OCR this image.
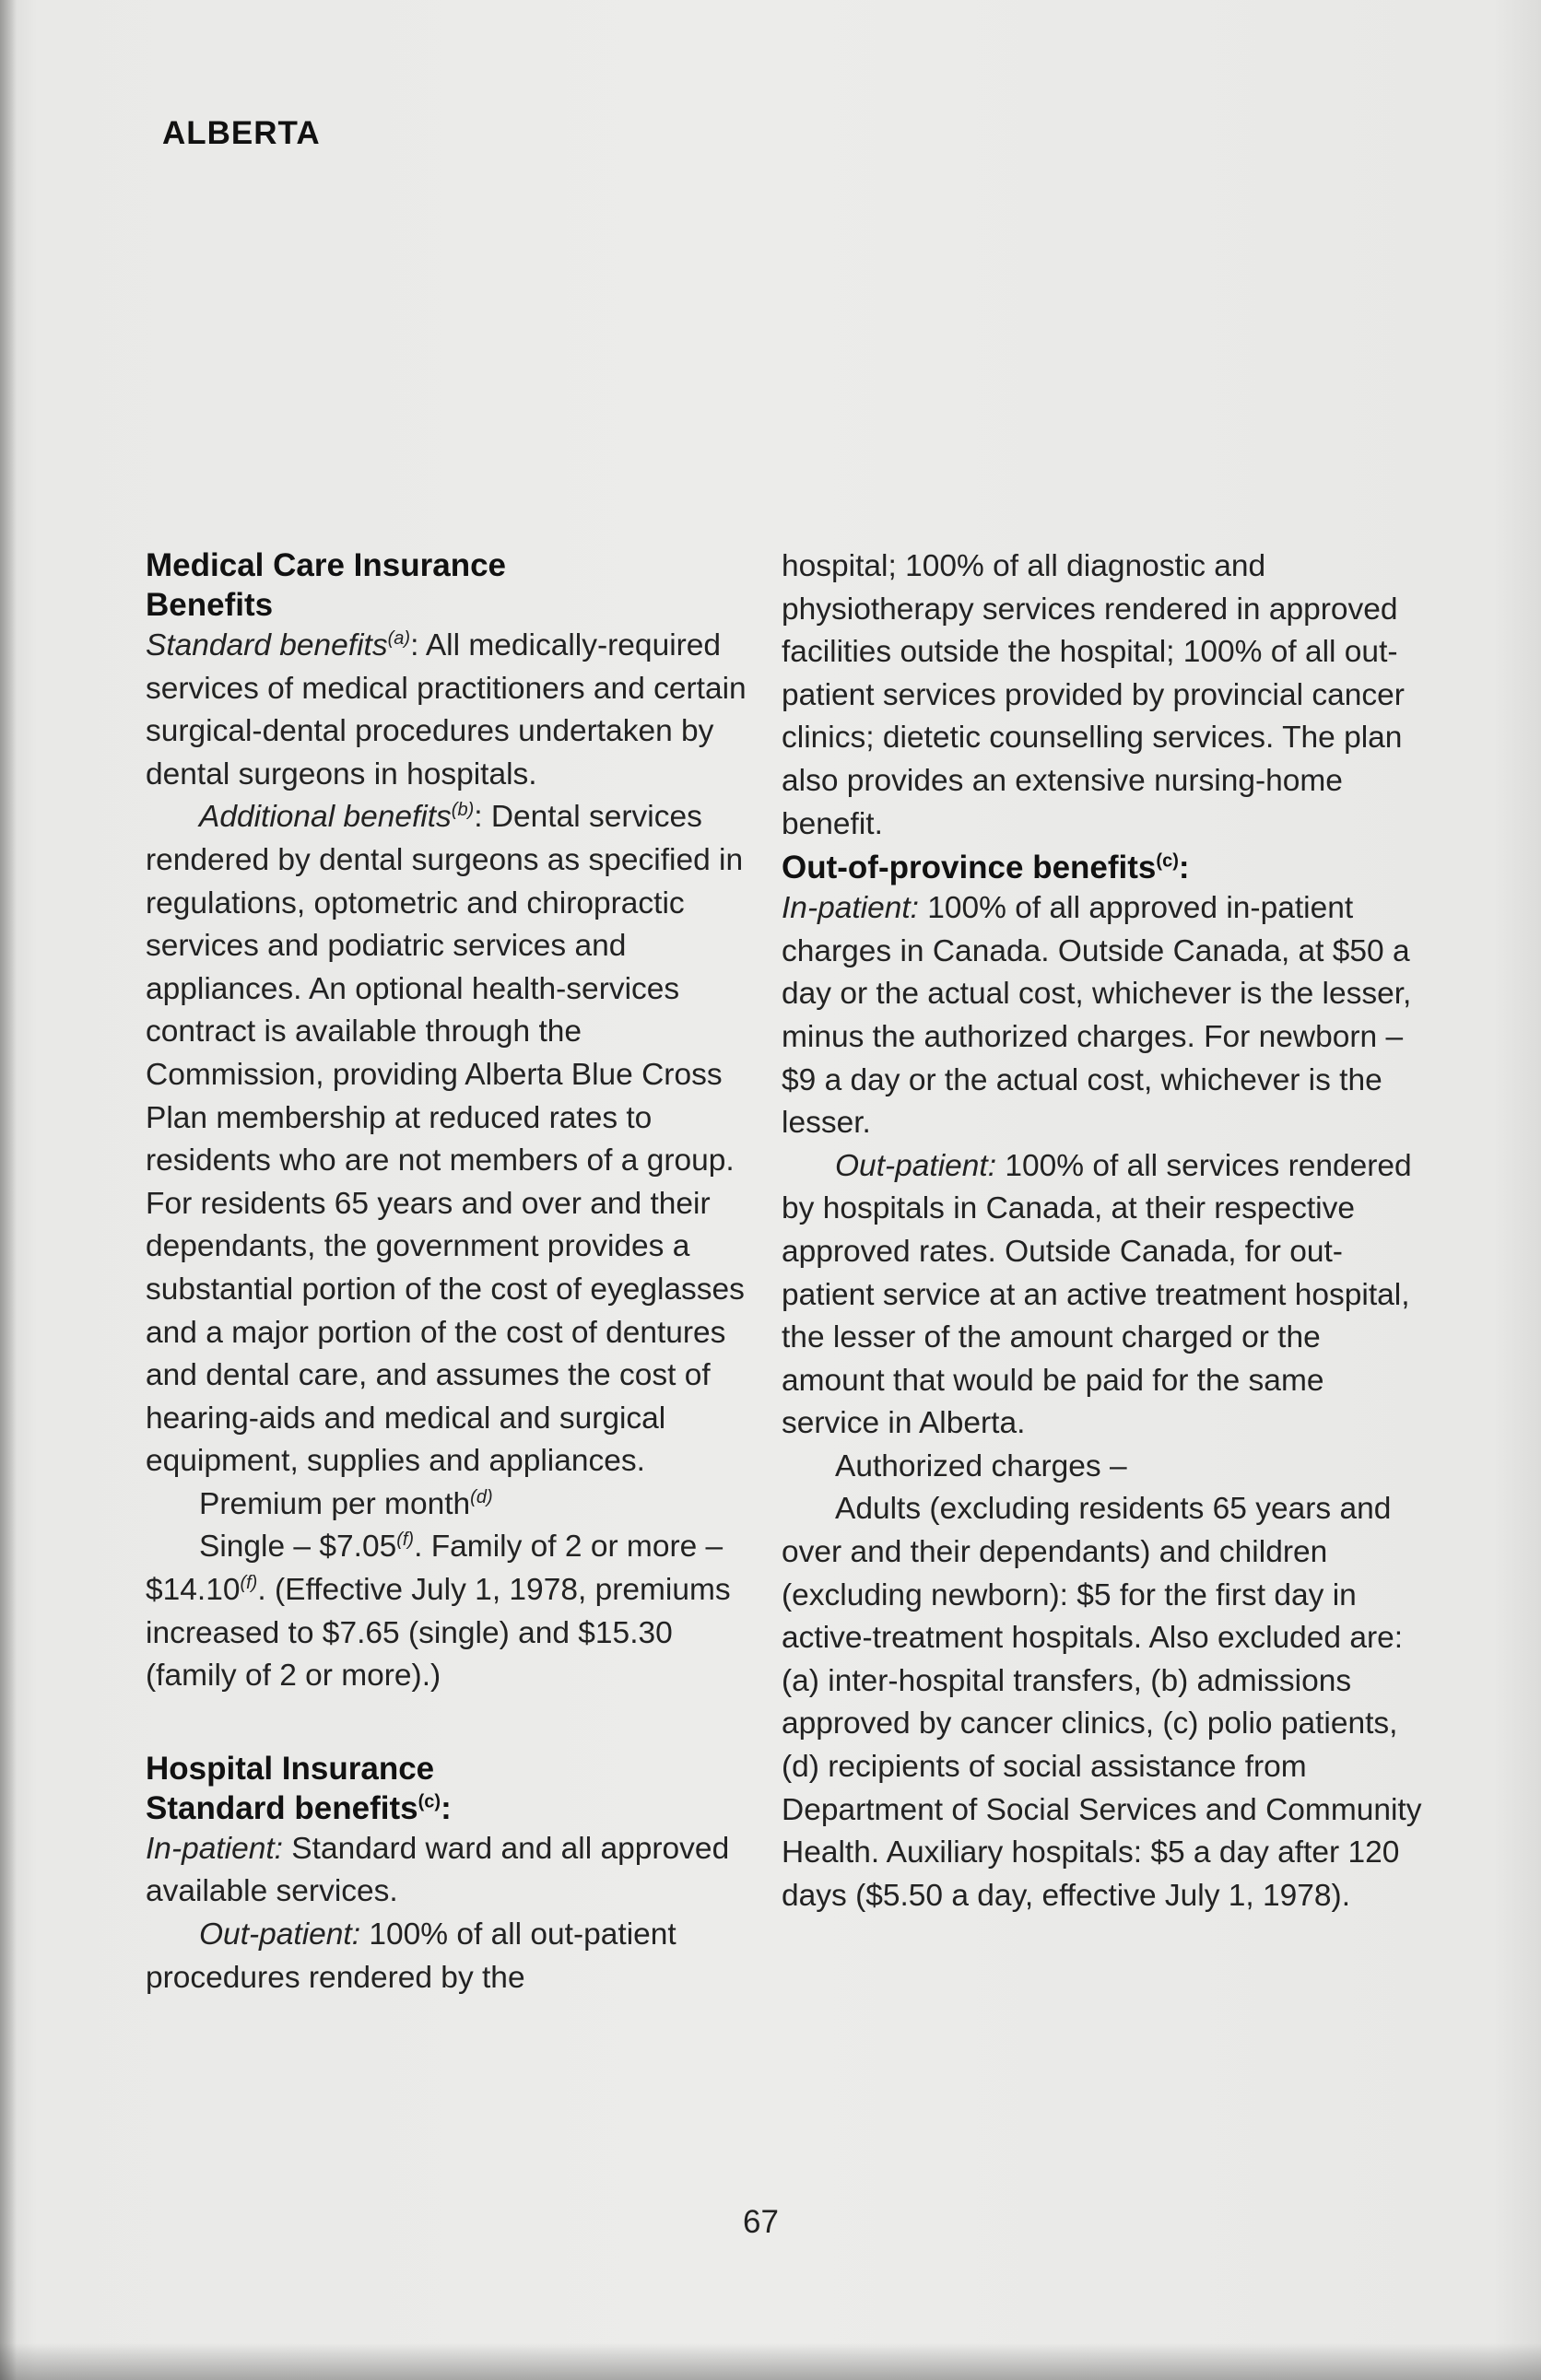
ALBERTA

Medical Care Insurance
Benefits

Standard benefits$^{(a)}$: All medically-required services of medical practitioners and certain surgical-dental procedures undertaken by dental surgeons in hospitals.

Additional benefits$^{(b)}$: Dental services rendered by dental surgeons as specified in regulations, optometric and chiropractic services and podiatric services and appliances. An optional health-services contract is available through the Commission, providing Alberta Blue Cross Plan membership at reduced rates to residents who are not members of a group. For residents 65 years and over and their dependants, the government provides a substantial portion of the cost of eyeglasses and a major portion of the cost of dentures and dental care, and assumes the cost of hearing-aids and medical and surgical equipment, supplies and appliances.

Premium per month$^{(d)}$

Single – $7.05$^{(f)}$. Family of 2 or more – $14.10$^{(f)}$. (Effective July 1, 1978, premiums increased to $7.65 (single) and $15.30 (family of 2 or more).)

Hospital Insurance
Standard benefits$^{(c)}$:

In-patient: Standard ward and all approved available services.

Out-patient: 100% of all out-patient procedures rendered by the

hospital; 100% of all diagnostic and physiotherapy services rendered in approved facilities outside the hospital; 100% of all out-patient services provided by provincial cancer clinics; dietetic counselling services. The plan also provides an extensive nursing-home benefit.

Out-of-province benefits$^{(c)}$:

In-patient: 100% of all approved in-patient charges in Canada. Outside Canada, at $50 a day or the actual cost, whichever is the lesser, minus the authorized charges. For newborn – $9 a day or the actual cost, whichever is the lesser.

Out-patient: 100% of all services rendered by hospitals in Canada, at their respective approved rates. Outside Canada, for out-patient service at an active treatment hospital, the lesser of the amount charged or the amount that would be paid for the same service in Alberta.

Authorized charges –

Adults (excluding residents 65 years and over and their dependants) and children (excluding newborn): $5 for the first day in active-treatment hospitals. Also excluded are: (a) inter-hospital transfers, (b) admissions approved by cancer clinics, (c) polio patients, (d) recipients of social assistance from Department of Social Services and Community Health. Auxiliary hospitals: $5 a day after 120 days ($5.50 a day, effective July 1, 1978).

67
